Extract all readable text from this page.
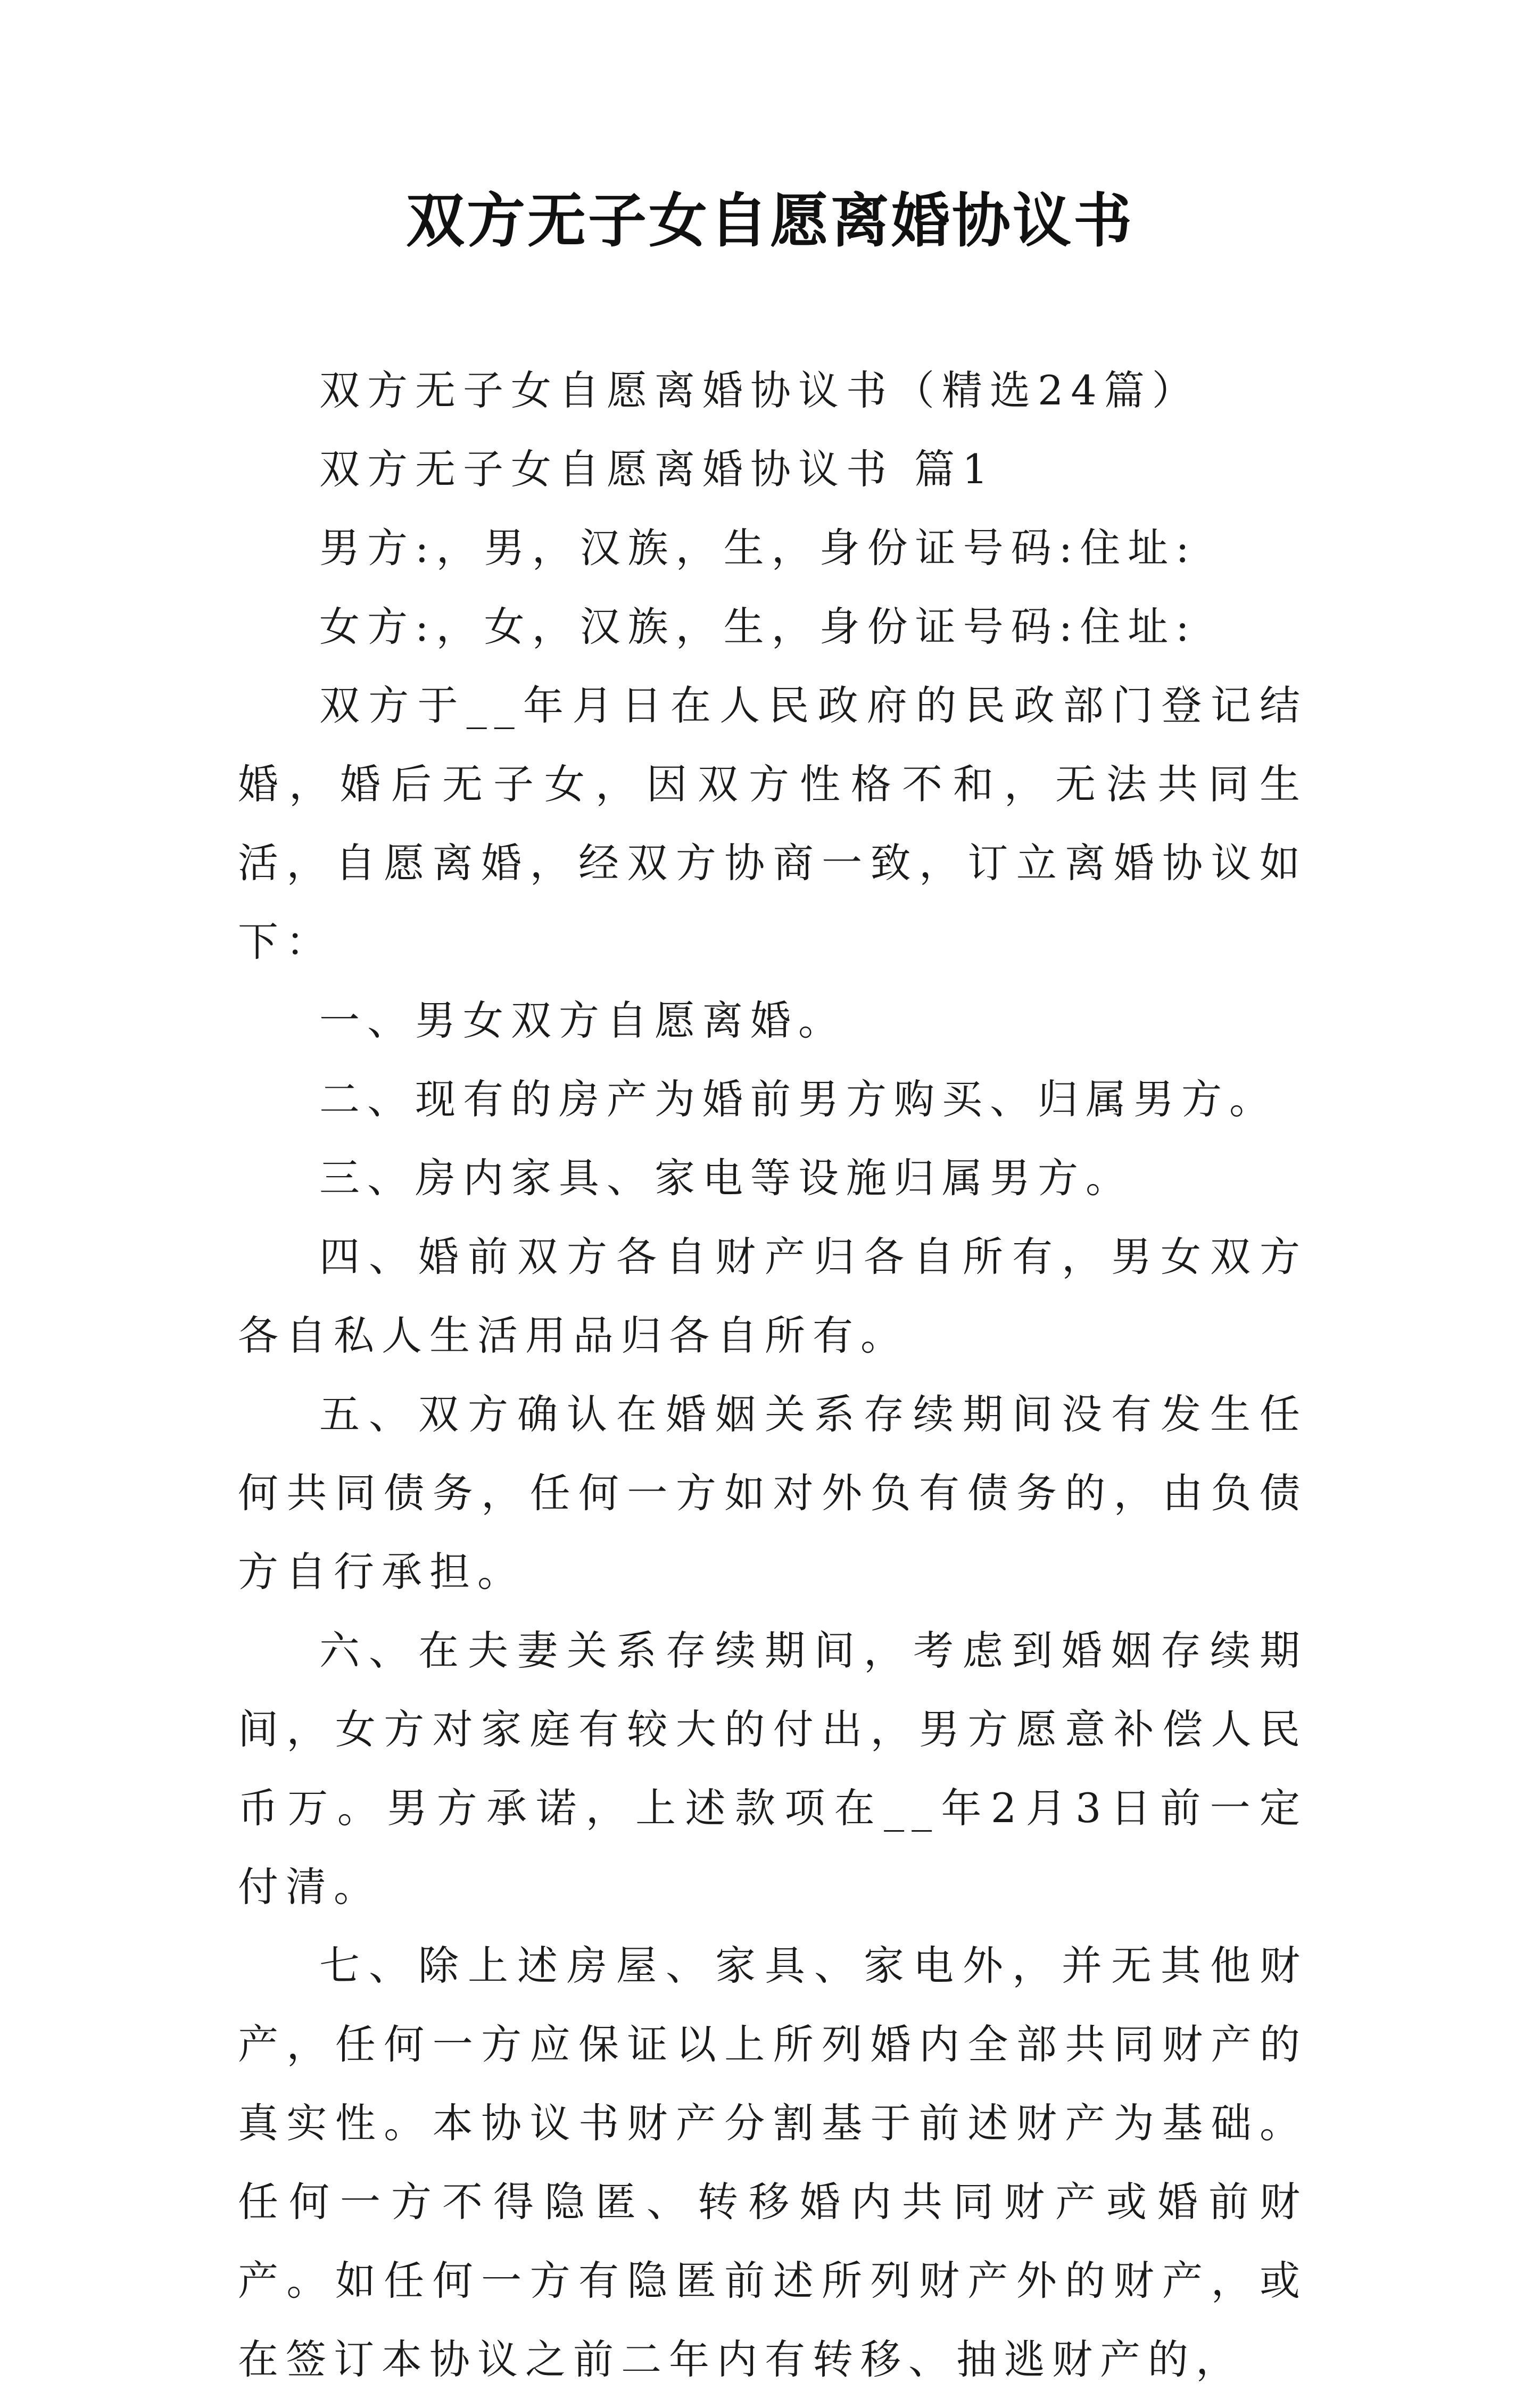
双方无子女自愿离婚协议书

双方无子女自愿离婚协议书（精选24篇）

双方无子女自愿离婚协议书 篇1

男方:，男，汉族，生，身份证号码:住址:

女方:，女，汉族，生，身份证号码:住址:

双方于__年月日在人民政府的民政部门登记结婚，婚后无子女，因双方性格不和，无法共同生活，自愿离婚，经双方协商一致，订立离婚协议如下：

一、男女双方自愿离婚。

二、现有的房产为婚前男方购买、归属男方。

三、房内家具、家电等设施归属男方。

四、婚前双方各自财产归各自所有，男女双方各自私人生活用品归各自所有。

五、双方确认在婚姻关系存续期间没有发生任何共同债务，任何一方如对外负有债务的，由负债方自行承担。

六、在夫妻关系存续期间，考虑到婚姻存续期间，女方对家庭有较大的付出，男方愿意补偿人民币万。男方承诺，上述款项在__年2月3日前一定付清。

七、除上述房屋、家具、家电外，并无其他财产，任何一方应保证以上所列婚内全部共同财产的真实性。本协议书财产分割基于前述财产为基础。任何一方不得隐匿、转移婚内共同财产或婚前财产。如任何一方有隐匿前述所列财产外的财产，或在签订本协议之前二年内有转移、抽逃财产的，
